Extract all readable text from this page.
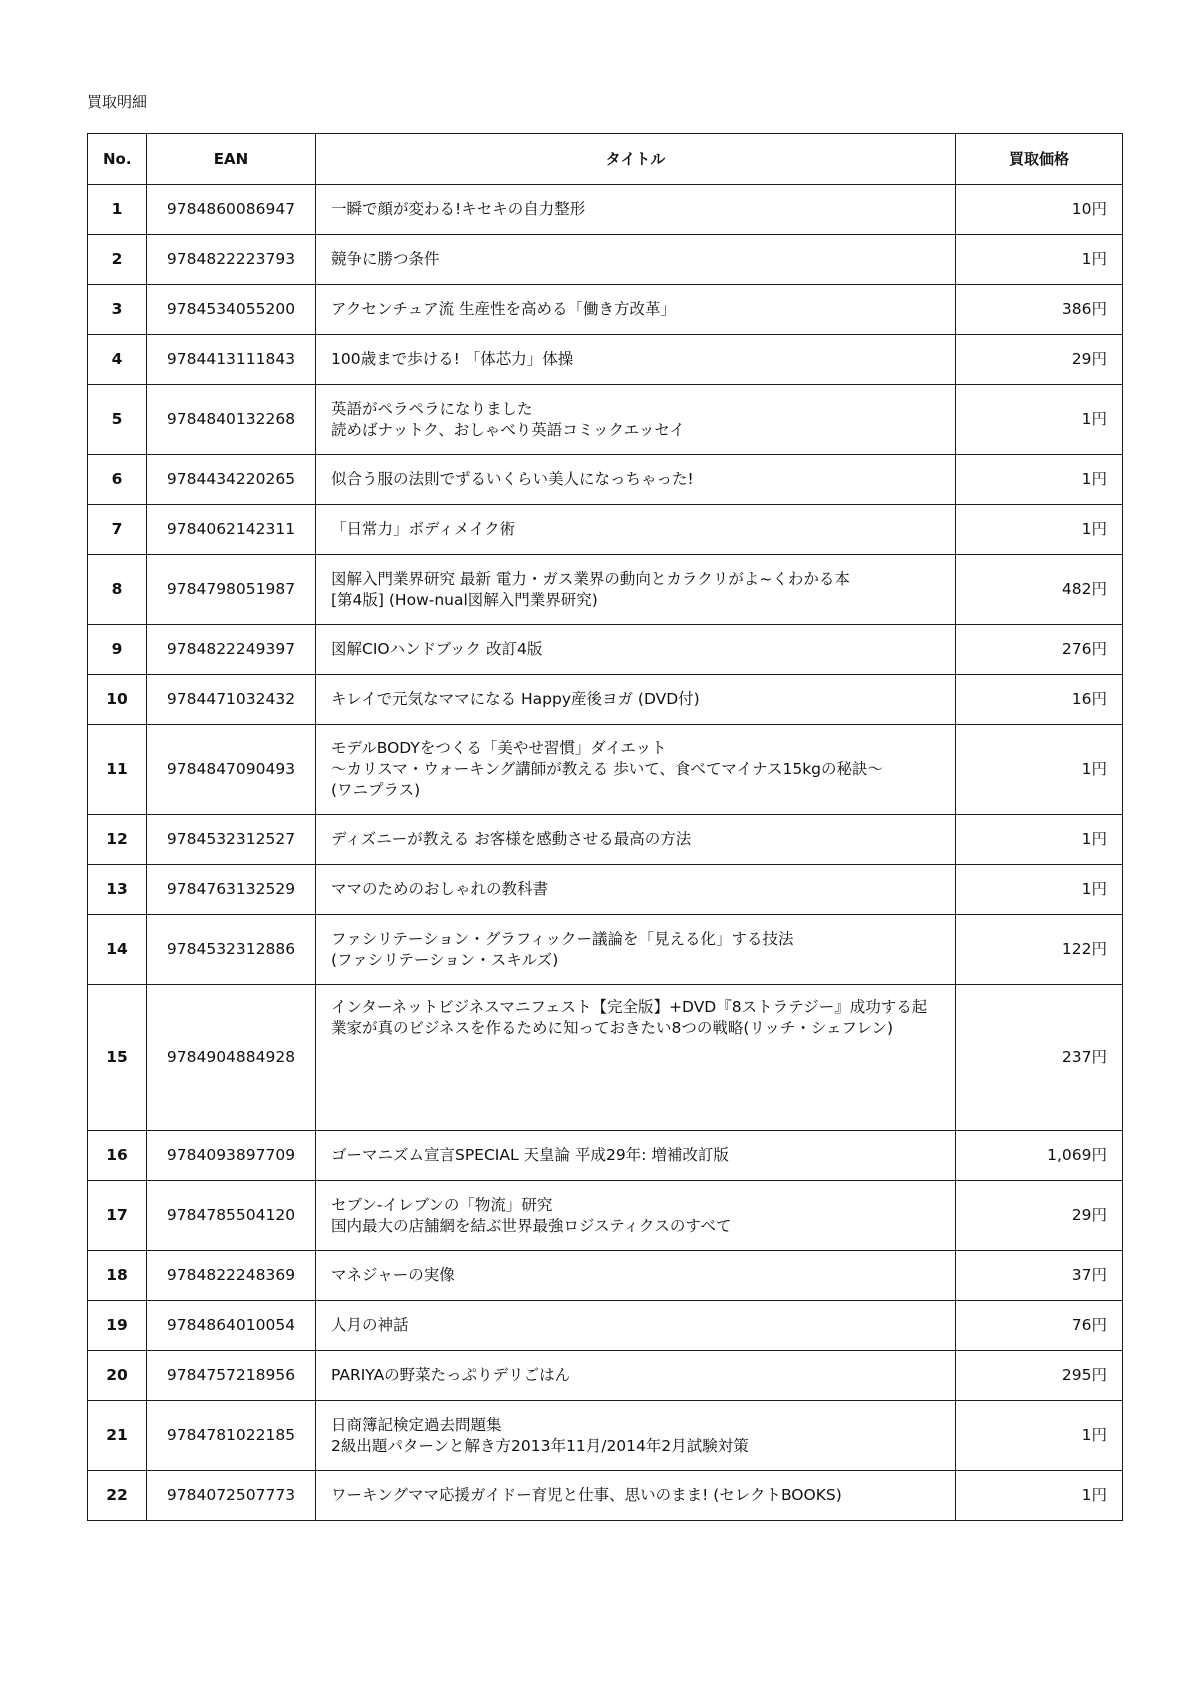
買取明細
No.	EAN	タイトル	買取価格
1	9784860086947	一瞬で顔が変わる!キセキの自力整形	10円
2	9784822223793	競争に勝つ条件	1円
3	9784534055200	アクセンチュア流 生産性を高める「働き方改革」	386円
4	9784413111843	100歳まで歩ける! 「体芯力」体操	29円
5	9784840132268	英語がペラペラになりました
読めばナットク、おしゃべり英語コミックエッセイ	1円
6	9784434220265	似合う服の法則でずるいくらい美人になっちゃった!	1円
7	9784062142311	「日常力」ボディメイク術	1円
8	9784798051987	図解入門業界研究 最新 電力・ガス業界の動向とカラクリがよ~くわかる本
[第4版] (How-nual図解入門業界研究)	482円
9	9784822249397	図解CIOハンドブック 改訂4版	276円
10	9784471032432	キレイで元気なママになる Happy産後ヨガ (DVD付)	16円
11	9784847090493	モデルBODYをつくる「美やせ習慣」ダイエット
〜カリスマ・ウォーキング講師が教える 歩いて、食べてマイナス15kgの秘訣〜
(ワニプラス)	1円
12	9784532312527	ディズニーが教える お客様を感動させる最高の方法	1円
13	9784763132529	ママのためのおしゃれの教科書	1円
14	9784532312886	ファシリテーション・グラフィックー議論を「見える化」する技法
(ファシリテーション・スキルズ)	122円
15	9784904884928	インターネットビジネスマニフェスト【完全版】+DVD『8ストラテジー』成功する起業家が真のビジネスを作るために知っておきたい8つの戦略(リッチ・シェフレン)	237円
16	9784093897709	ゴーマニズム宣言SPECIAL 天皇論 平成29年: 増補改訂版	1,069円
17	9784785504120	セブン-イレブンの「物流」研究
国内最大の店舗網を結ぶ世界最強ロジスティクスのすべて	29円
18	9784822248369	マネジャーの実像	37円
19	9784864010054	人月の神話	76円
20	9784757218956	PARIYAの野菜たっぷりデリごはん	295円
21	9784781022185	日商簿記検定過去問題集
2級出題パターンと解き方2013年11月/2014年2月試験対策	1円
22	9784072507773	ワーキングママ応援ガイドー育児と仕事、思いのまま! (セレクトBOOKS)	1円
